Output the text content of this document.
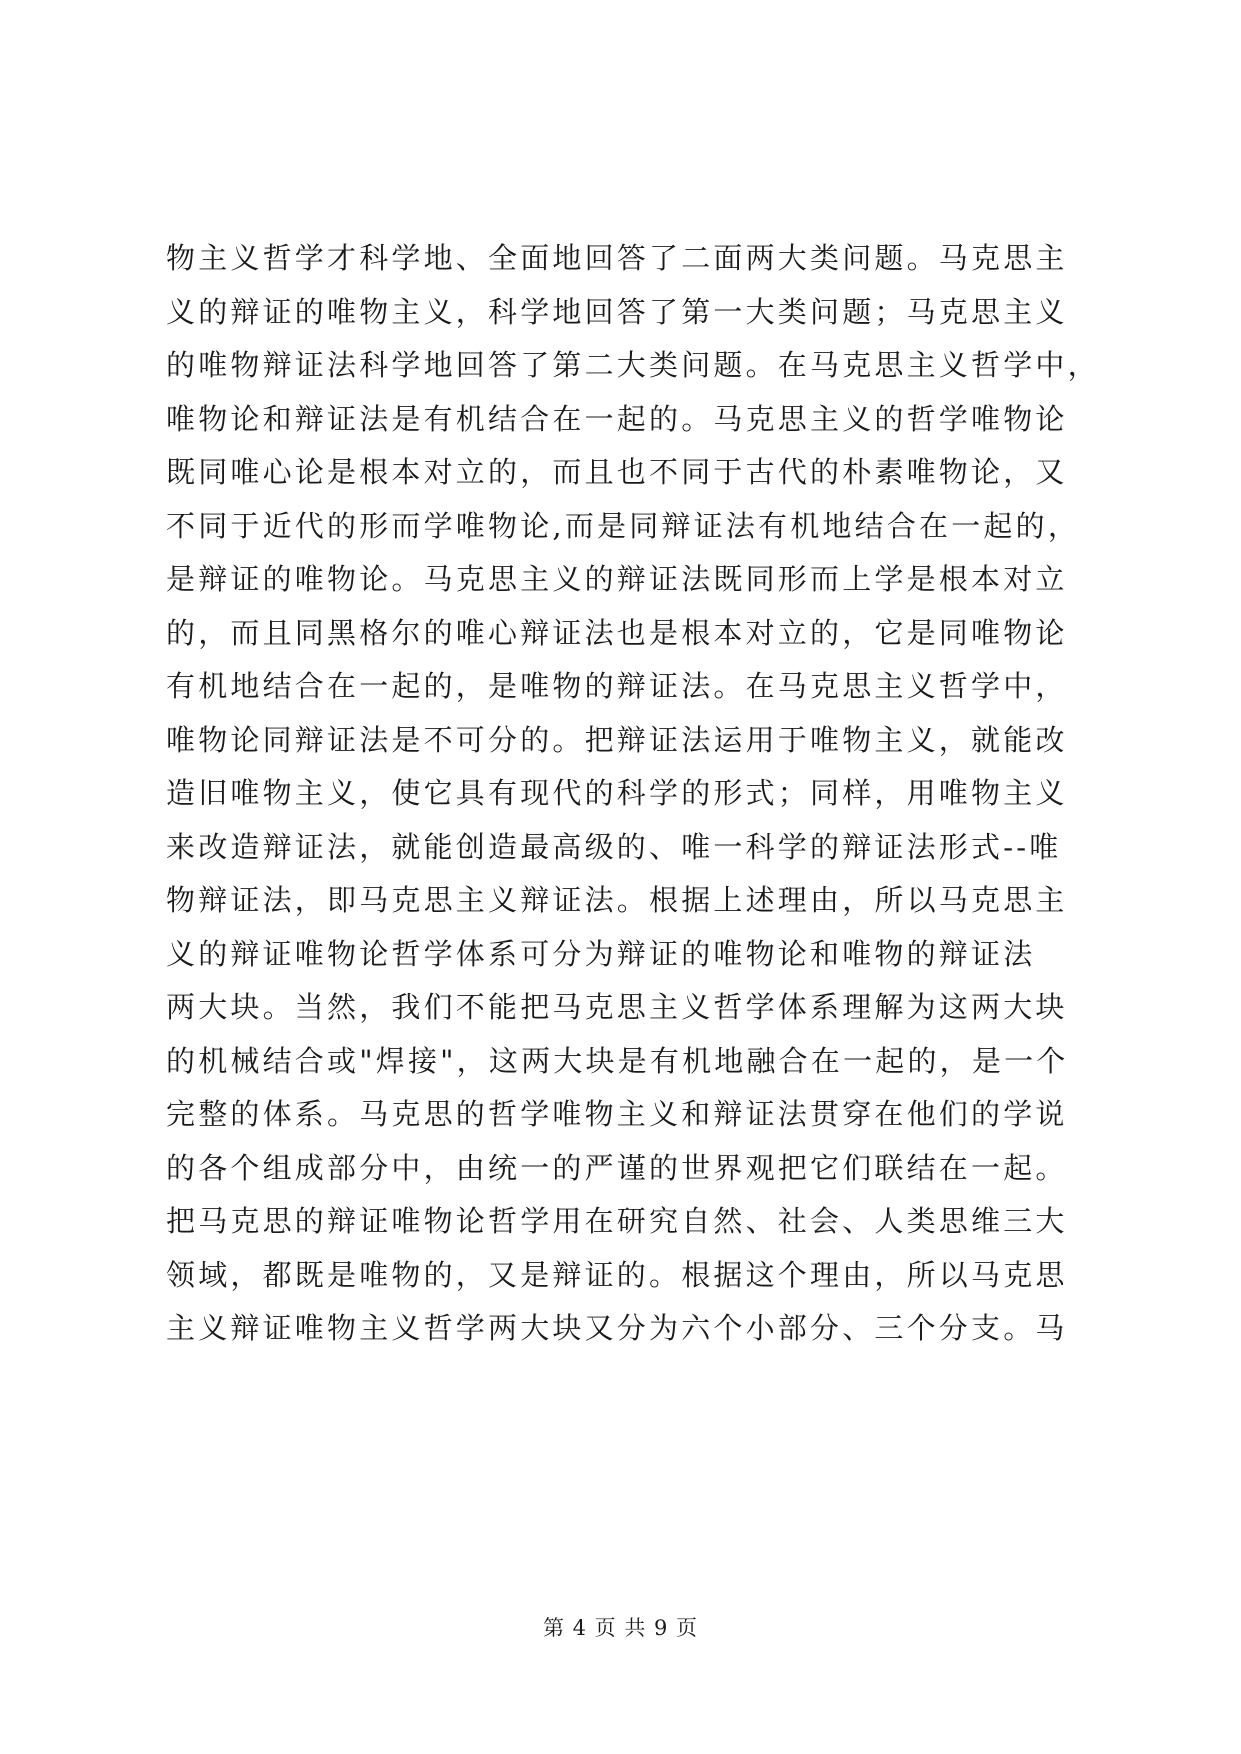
物主义哲学才科学地、全面地回答了二面两大类问题。马克思主
义的辩证的唯物主义，科学地回答了第一大类问题；马克思主义
的唯物辩证法科学地回答了第二大类问题。在马克思主义哲学中，
唯物论和辩证法是有机结合在一起的。马克思主义的哲学唯物论
既同唯心论是根本对立的，而且也不同于古代的朴素唯物论，又
不同于近代的形而学唯物论,而是同辩证法有机地结合在一起的，
是辩证的唯物论。马克思主义的辩证法既同形而上学是根本对立
的，而且同黑格尔的唯心辩证法也是根本对立的，它是同唯物论
有机地结合在一起的，是唯物的辩证法。在马克思主义哲学中，
唯物论同辩证法是不可分的。把辩证法运用于唯物主义，就能改
造旧唯物主义，使它具有现代的科学的形式；同样，用唯物主义
来改造辩证法，就能创造最高级的、唯一科学的辩证法形式--唯
物辩证法，即马克思主义辩证法。根据上述理由，所以马克思主
义的辩证唯物论哲学体系可分为辩证的唯物论和唯物的辩证法
两大块。当然，我们不能把马克思主义哲学体系理解为这两大块
的机械结合或"焊接"，这两大块是有机地融合在一起的，是一个
完整的体系。马克思的哲学唯物主义和辩证法贯穿在他们的学说
的各个组成部分中，由统一的严谨的世界观把它们联结在一起。
把马克思的辩证唯物论哲学用在研究自然、社会、人类思维三大
领域，都既是唯物的，又是辩证的。根据这个理由，所以马克思
主义辩证唯物主义哲学两大块又分为六个小部分、三个分支。马
第 4 页 共 9 页
